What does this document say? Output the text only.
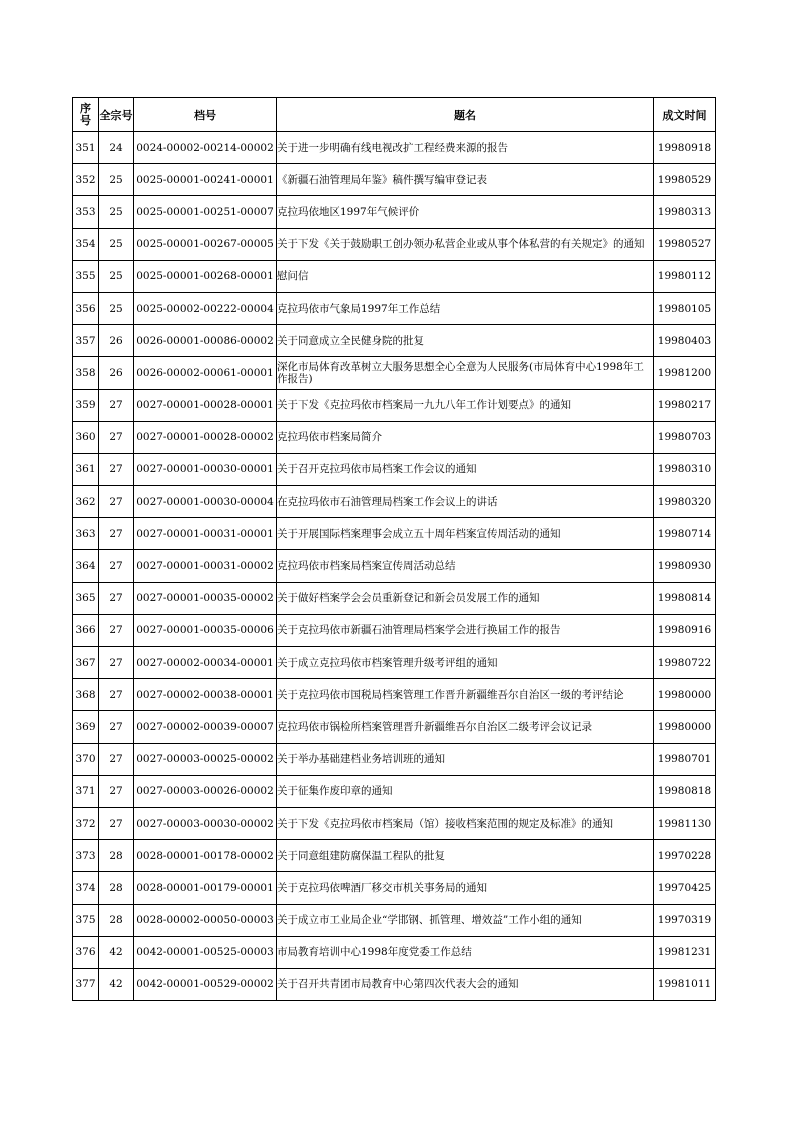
序号	全宗号	档号	题名	成文时间
351	24	0024-00002-00214-00002	关于进一步明确有线电视改扩工程经费来源的报告	19980918
352	25	0025-00001-00241-00001	《新疆石油管理局年鉴》稿件撰写编审登记表	19980529
353	25	0025-00001-00251-00007	克拉玛依地区1997年气候评价	19980313
354	25	0025-00001-00267-00005	关于下发《关于鼓励职工创办领办私营企业或从事个体私营的有关规定》的通知	19980527
355	25	0025-00001-00268-00001	慰问信	19980112
356	25	0025-00002-00222-00004	克拉玛依市气象局1997年工作总结	19980105
357	26	0026-00001-00086-00002	关于同意成立全民健身院的批复	19980403
358	26	0026-00002-00061-00001	深化市局体育改革树立大服务思想全心全意为人民服务(市局体育中心1998年工作报告)	19981200
359	27	0027-00001-00028-00001	关于下发《克拉玛依市档案局一九九八年工作计划要点》的通知	19980217
360	27	0027-00001-00028-00002	克拉玛依市档案局简介	19980703
361	27	0027-00001-00030-00001	关于召开克拉玛依市局档案工作会议的通知	19980310
362	27	0027-00001-00030-00004	在克拉玛依市石油管理局档案工作会议上的讲话	19980320
363	27	0027-00001-00031-00001	关于开展国际档案理事会成立五十周年档案宣传周活动的通知	19980714
364	27	0027-00001-00031-00002	克拉玛依市档案局档案宣传周活动总结	19980930
365	27	0027-00001-00035-00002	关于做好档案学会会员重新登记和新会员发展工作的通知	19980814
366	27	0027-00001-00035-00006	关于克拉玛依市新疆石油管理局档案学会进行换届工作的报告	19980916
367	27	0027-00002-00034-00001	关于成立克拉玛依市档案管理升级考评组的通知	19980722
368	27	0027-00002-00038-00001	关于克拉玛依市国税局档案管理工作晋升新疆维吾尔自治区一级的考评结论	19980000
369	27	0027-00002-00039-00007	克拉玛依市锅检所档案管理晋升新疆维吾尔自治区二级考评会议记录	19980000
370	27	0027-00003-00025-00002	关于举办基础建档业务培训班的通知	19980701
371	27	0027-00003-00026-00002	关于征集作废印章的通知	19980818
372	27	0027-00003-00030-00002	关于下发《克拉玛依市档案局（馆）接收档案范围的规定及标准》的通知	19981130
373	28	0028-00001-00178-00002	关于同意组建防腐保温工程队的批复	19970228
374	28	0028-00001-00179-00001	关于克拉玛依啤酒厂移交市机关事务局的通知	19970425
375	28	0028-00002-00050-00003	关于成立市工业局企业“学邯钢、抓管理、增效益”工作小组的通知	19970319
376	42	0042-00001-00525-00003	市局教育培训中心1998年度党委工作总结	19981231
377	42	0042-00001-00529-00002	关于召开共青团市局教育中心第四次代表大会的通知	19981011
